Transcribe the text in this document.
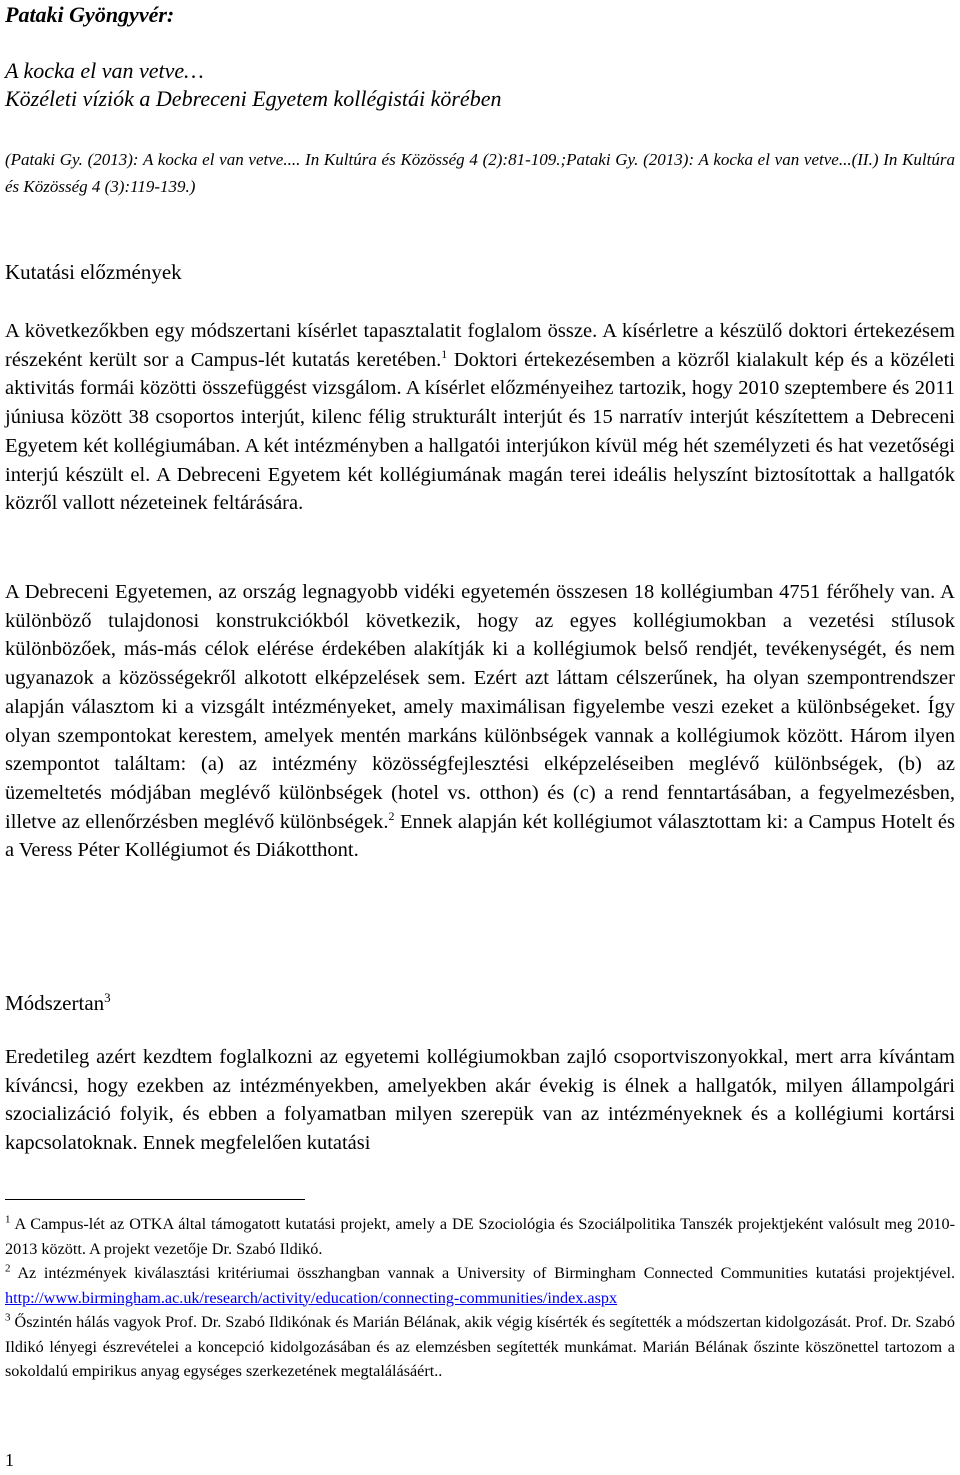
Pataki Gyöngyvér:
A kocka el van vetve…
Közéleti víziók a Debreceni Egyetem kollégistái körében
(Pataki Gy. (2013): A kocka el van vetve.... In Kultúra és Közösség 4 (2):81-109.;Pataki Gy. (2013): A kocka el van vetve...(II.) In Kultúra és Közösség 4 (3):119-139.)
Kutatási előzmények
A következőkben egy módszertani kísérlet tapasztalatit foglalom össze. A kísérletre a készülő doktori értekezésem részeként került sor a Campus-lét kutatás keretében.$^1$ Doktori értekezésemben a közről kialakult kép és a közéleti aktivitás formái közötti összefüggést vizsgálom. A kísérlet előzményeihez tartozik, hogy 2010 szeptembere és 2011 júniusa között 38 csoportos interjút, kilenc félig strukturált interjút és 15 narratív interjút készítettem a Debreceni Egyetem két kollégiumában. A két intézményben a hallgatói interjúkon kívül még hét személyzeti és hat vezetőségi interjú készült el. A Debreceni Egyetem két kollégiumának magán terei ideális helyszínt biztosítottak a hallgatók közről vallott nézeteinek feltárására.
A Debreceni Egyetemen, az ország legnagyobb vidéki egyetemén összesen 18 kollégiumban 4751 férőhely van. A különböző tulajdonosi konstrukciókból következik, hogy az egyes kollégiumokban a vezetési stílusok különbözőek, más-más célok elérése érdekében alakítják ki a kollégiumok belső rendjét, tevékenységét, és nem ugyanazok a közösségekről alkotott elképzelések sem. Ezért azt láttam célszerűnek, ha olyan szempontrendszer alapján választom ki a vizsgált intézményeket, amely maximálisan figyelembe veszi ezeket a különbségeket. Így olyan szempontokat kerestem, amelyek mentén markáns különbségek vannak a kollégiumok között. Három ilyen szempontot találtam: (a) az intézmény közösségfejlesztési elképzeléseiben meglévő különbségek, (b) az üzemeltetés módjában meglévő különbségek (hotel vs. otthon) és (c) a rend fenntartásában, a fegyelmezésben, illetve az ellenőrzésben meglévő különbségek.$^2$ Ennek alapján két kollégiumot választottam ki: a Campus Hotelt és a Veress Péter Kollégiumot és Diákotthont.
Módszertan$^3$
Eredetileg azért kezdtem foglalkozni az egyetemi kollégiumokban zajló csoportviszonyokkal, mert arra kívántam kíváncsi, hogy ezekben az intézményekben, amelyekben akár évekig is élnek a hallgatók, milyen állampolgári szocializáció folyik, és ebben a folyamatban milyen szerepük van az intézményeknek és a kollégiumi kortársi kapcsolatoknak. Ennek megfelelően kutatási

$^1$ A Campus-lét az OTKA által támogatott kutatási projekt, amely a DE Szociológia és Szociálpolitika Tanszék projektjeként valósult meg 2010-2013 között. A projekt vezetője Dr. Szabó Ildikó.

$^2$ Az intézmények kiválasztási kritériumai összhangban vannak a University of Birmingham Connected Communities kutatási projektjével. http://www.birmingham.ac.uk/research/activity/education/connecting-communities/index.aspx

$^3$ Őszintén hálás vagyok Prof. Dr. Szabó Ildikónak és Marián Bélának, akik végig kísérték és segítették a módszertan kidolgozását. Prof. Dr. Szabó Ildikó lényegi észrevételei a koncepció kidolgozásában és az elemzésben segítették munkámat. Marián Bélának őszinte köszönettel tartozom a sokoldalú empirikus anyag egységes szerkezetének megtalálásáért..

1
